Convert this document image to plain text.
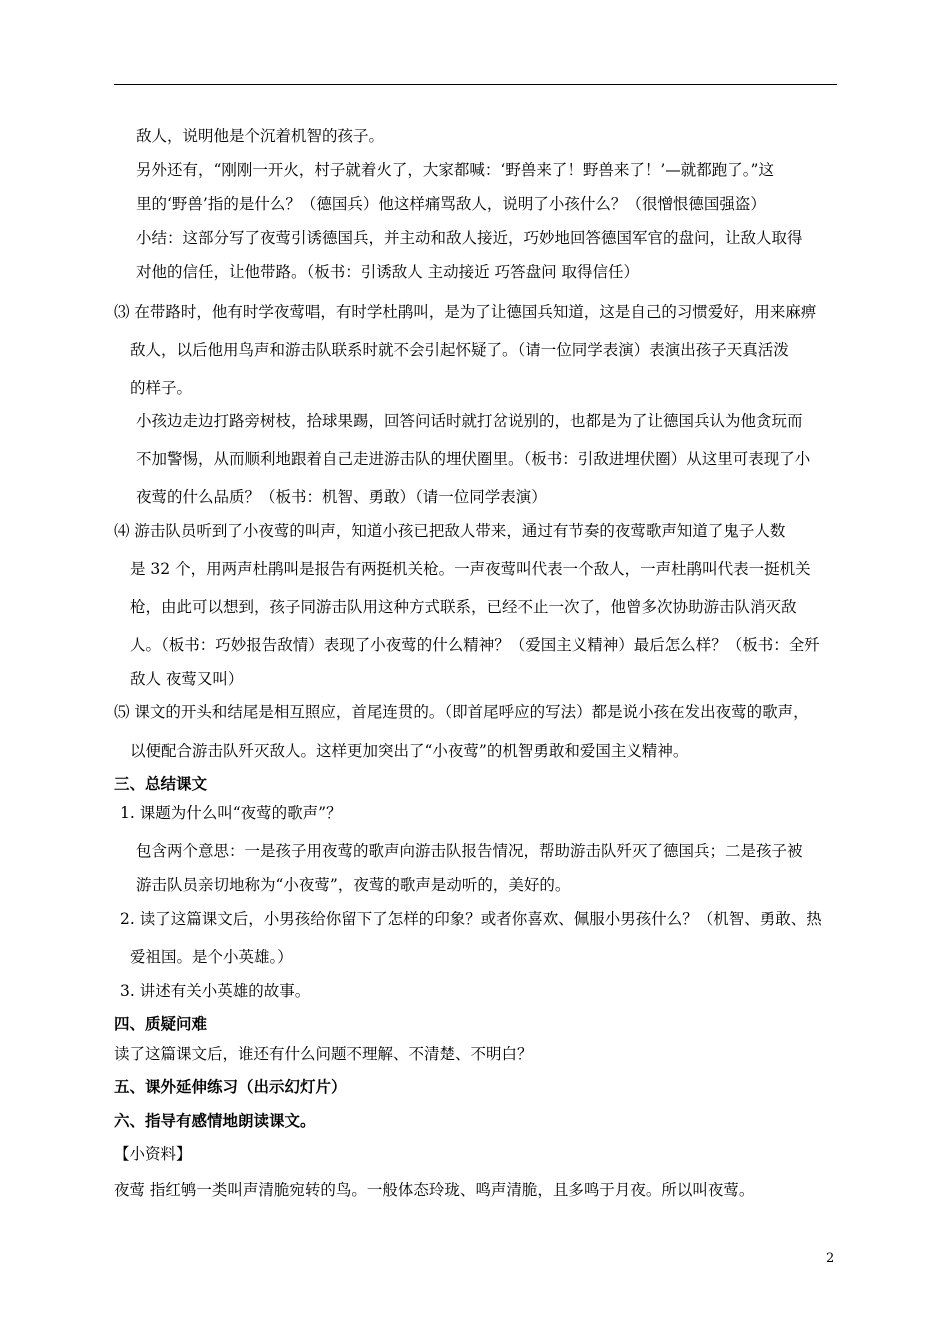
敌人，说明他是个沉着机智的孩子。
另外还有，“刚刚一开火，村子就着火了，大家都喊：‘野兽来了！野兽来了！’—就都跑了。”这
里的‘野兽’指的是什么？（德国兵）他这样痛骂敌人，说明了小孩什么？（很憎恨德国强盗）
小结：这部分写了夜莺引诱德国兵，并主动和敌人接近，巧妙地回答德国军官的盘问，让敌人取得
对他的信任，让他带路。（板书：引诱敌人 主动接近 巧答盘问 取得信任）
⑶ 在带路时，他有时学夜莺唱，有时学杜鹃叫，是为了让德国兵知道，这是自己的习惯爱好，用来麻痹
敌人，以后他用鸟声和游击队联系时就不会引起怀疑了。（请一位同学表演）表演出孩子天真活泼
的样子。
小孩边走边打路旁树枝，拾球果踢，回答问话时就打岔说别的，也都是为了让德国兵认为他贪玩而
不加警惕，从而顺利地跟着自己走进游击队的埋伏圈里。（板书：引敌进埋伏圈）从这里可表现了小
夜莺的什么品质？（板书：机智、勇敢）（请一位同学表演）
⑷ 游击队员听到了小夜莺的叫声，知道小孩已把敌人带来，通过有节奏的夜莺歌声知道了鬼子人数
是 32 个，用两声杜鹃叫是报告有两挺机关枪。一声夜莺叫代表一个敌人，一声杜鹃叫代表一挺机关
枪，由此可以想到，孩子同游击队用这种方式联系，已经不止一次了，他曾多次协助游击队消灭敌
人。（板书：巧妙报告敌情）表现了小夜莺的什么精神？（爱国主义精神）最后怎么样？（板书：全歼
敌人 夜莺又叫）
⑸ 课文的开头和结尾是相互照应，首尾连贯的。（即首尾呼应的写法）都是说小孩在发出夜莺的歌声，
以便配合游击队歼灭敌人。这样更加突出了“小夜莺”的机智勇敢和爱国主义精神。
三、总结课文
1. 课题为什么叫“夜莺的歌声”？
包含两个意思：一是孩子用夜莺的歌声向游击队报告情况，帮助游击队歼灭了德国兵；二是孩子被
游击队员亲切地称为“小夜莺”，夜莺的歌声是动听的，美好的。
2. 读了这篇课文后，小男孩给你留下了怎样的印象？或者你喜欢、佩服小男孩什么？（机智、勇敢、热
爱祖国。是个小英雄。）
3. 讲述有关小英雄的故事。
四、质疑问难
读了这篇课文后，谁还有什么问题不理解、不清楚、不明白？
五、课外延伸练习（出示幻灯片）
六、指导有感情地朗读课文。
【小资料】
夜莺 指红鸲一类叫声清脆宛转的鸟。一般体态玲珑、鸣声清脆，且多鸣于月夜。所以叫夜莺。
2
